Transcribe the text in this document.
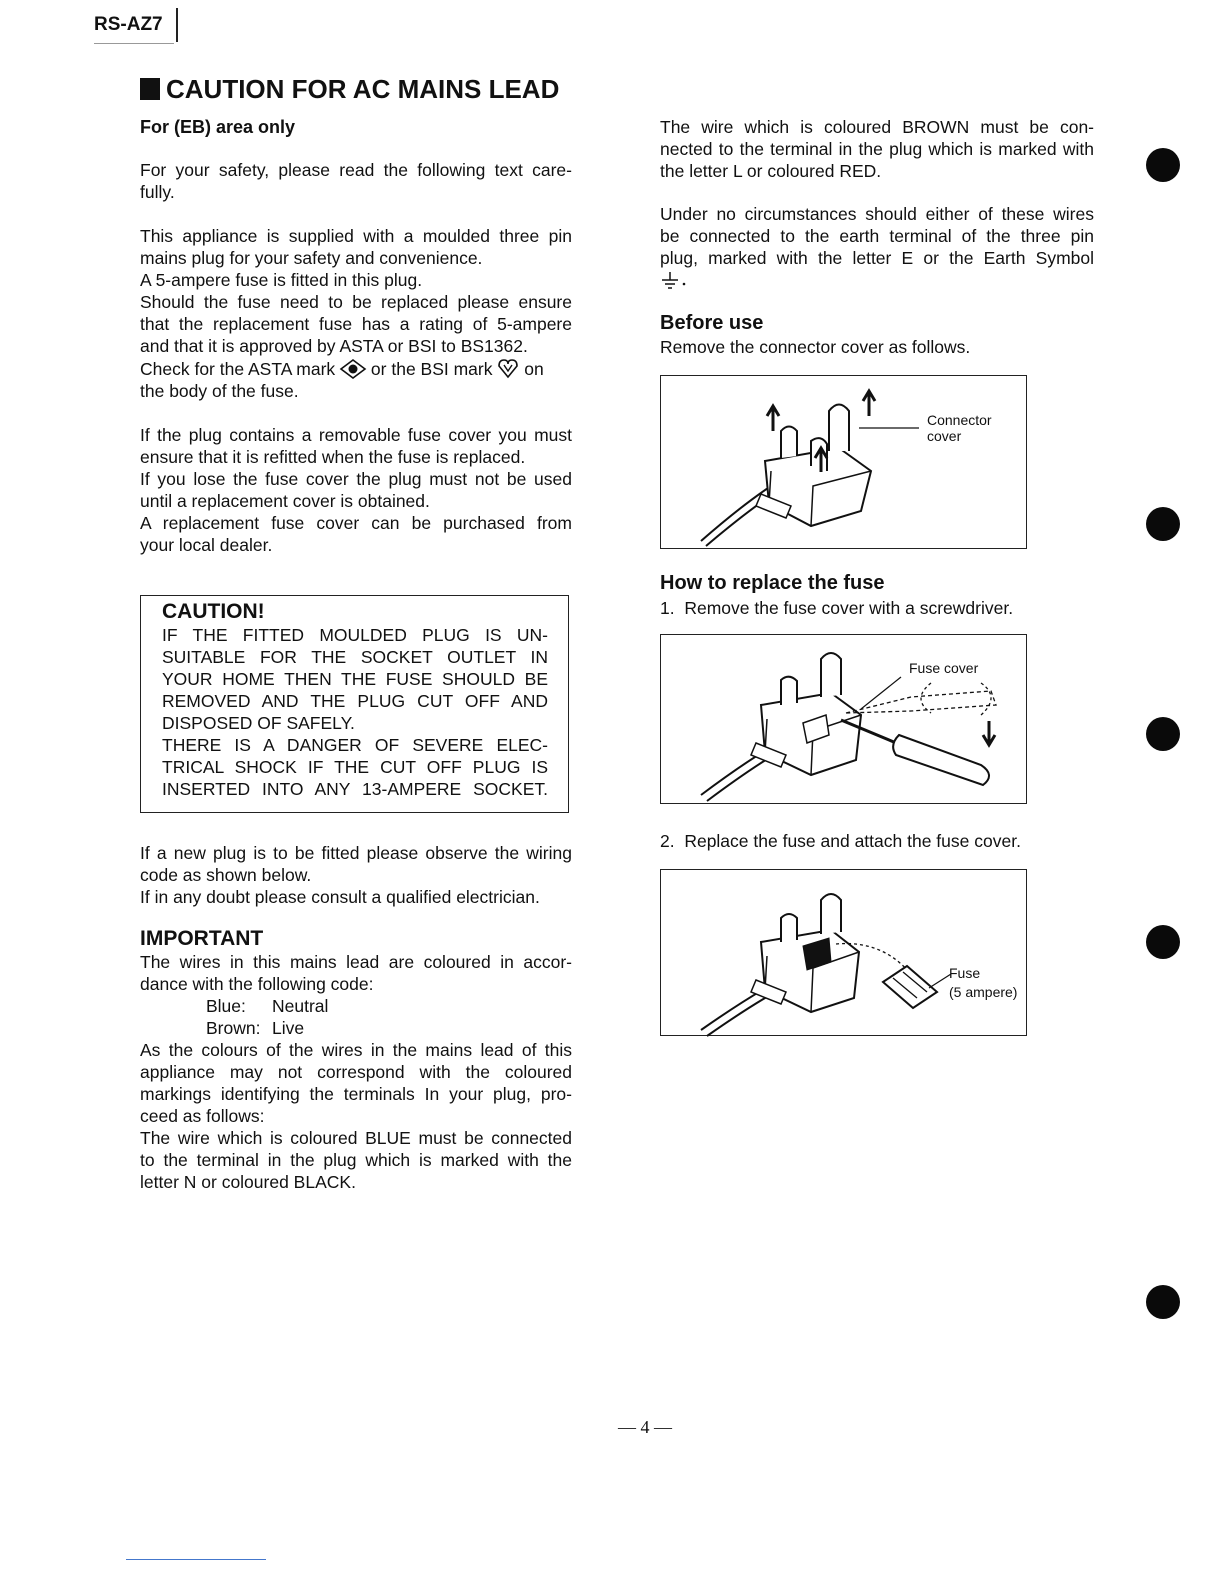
RS-AZ7
CAUTION FOR AC MAINS LEAD
For (EB) area only

For your safety, please read the following text care-

fully.

This appliance is supplied with a moulded three pin

mains plug for your safety and convenience.

A 5-ampere fuse is fitted in this plug.

Should the fuse need to be replaced please ensure

that the replacement fuse has a rating of 5-ampere

and that it is approved by ASTA or BSI to BS1362.

Check for the ASTA mark or the BSI mark on

the body of the fuse.

If the plug contains a removable fuse cover you must

ensure that it is refitted when the fuse is replaced.

If you lose the fuse cover the plug must not be used

until a replacement cover is obtained.

A replacement fuse cover can be purchased from

your local dealer.

CAUTION!

IF THE FITTED MOULDED PLUG IS UN-

SUITABLE FOR THE SOCKET OUTLET IN

YOUR HOME THEN THE FUSE SHOULD BE

REMOVED AND THE PLUG CUT OFF AND

DISPOSED OF SAFELY.

THERE IS A DANGER OF SEVERE ELEC-

TRICAL SHOCK IF THE CUT OFF PLUG IS

INSERTED INTO ANY 13-AMPERE SOCKET.

If a new plug is to be fitted please observe the wiring

code as shown below.

If in any doubt please consult a qualified electrician.

IMPORTANT

The wires in this mains lead are coloured in accor-

dance with the following code:

Blue: Neutral

Brown: Live

As the colours of the wires in the mains lead of this

appliance may not correspond with the coloured

markings identifying the terminals In your plug, pro-

ceed as follows:

The wire which is coloured BLUE must be connected

to the terminal in the plug which is marked with the

letter N or coloured BLACK.

The wire which is coloured BROWN must be con-

nected to the terminal in the plug which is marked with

the letter L or coloured RED.

Under no circumstances should either of these wires

be connected to the earth terminal of the three pin

plug, marked with the letter E or the Earth Symbol

Before use
Remove the connector cover as follows.
Connector
cover
How to replace the fuse
1.  Remove the fuse cover with a screwdriver.
Fuse cover
2.  Replace the fuse and attach the fuse cover.
Fuse
(5 ampere)
— 4 —
